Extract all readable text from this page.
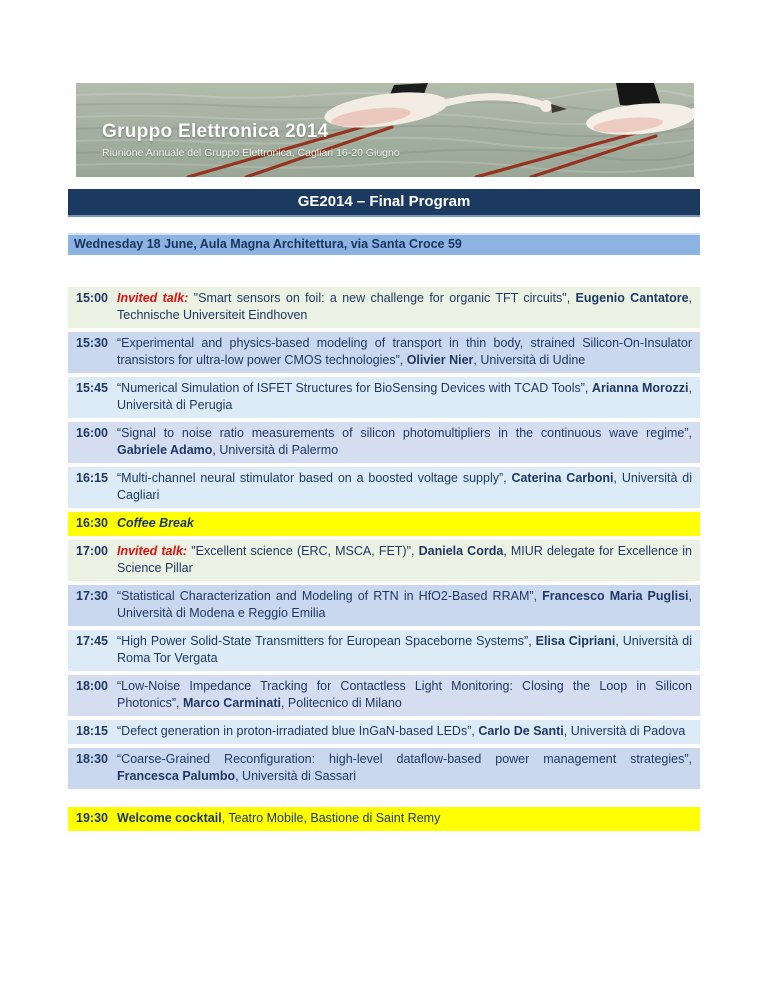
Gruppo Elettronica 2014
Riunione Annuale del Gruppo Elettronica, Cagliari 16-20 Giugno
GE2014 – Final Program
Wednesday 18 June, Aula Magna Architettura, via Santa Croce 59
15:00 Invited talk: "Smart sensors on foil: a new challenge for organic TFT circuits", Eugenio Cantatore, Technische Universiteit Eindhoven
15:30 “Experimental and physics-based modeling of transport in thin body, strained Silicon-On-Insulator transistors for ultra-low power CMOS technologies”, Olivier Nier, Università di Udine
15:45 “Numerical Simulation of ISFET Structures for BioSensing Devices with TCAD Tools”, Arianna Morozzi, Università di Perugia
16:00 “Signal to noise ratio measurements of silicon photomultipliers in the continuous wave regime”, Gabriele Adamo, Università di Palermo
16:15 “Multi-channel neural stimulator based on a boosted voltage supply”, Caterina Carboni, Università di Cagliari
16:30 Coffee Break
17:00 Invited talk: "Excellent science (ERC, MSCA, FET)", Daniela Corda, MIUR delegate for Excellence in Science Pillar
17:30 “Statistical Characterization and Modeling of RTN in HfO2-Based RRAM”, Francesco Maria Puglisi, Università di Modena e Reggio Emilia
17:45 “High Power Solid-State Transmitters for European Spaceborne Systems”, Elisa Cipriani, Università di Roma Tor Vergata
18:00 “Low-Noise Impedance Tracking for Contactless Light Monitoring: Closing the Loop in Silicon Photonics”, Marco Carminati, Politecnico di Milano
18:15 “Defect generation in proton-irradiated blue InGaN-based LEDs”, Carlo De Santi, Università di Padova
18:30 “Coarse-Grained Reconfiguration: high-level dataflow-based power management strategies”, Francesca Palumbo, Università di Sassari
19:30 Welcome cocktail, Teatro Mobile, Bastione di Saint Remy
